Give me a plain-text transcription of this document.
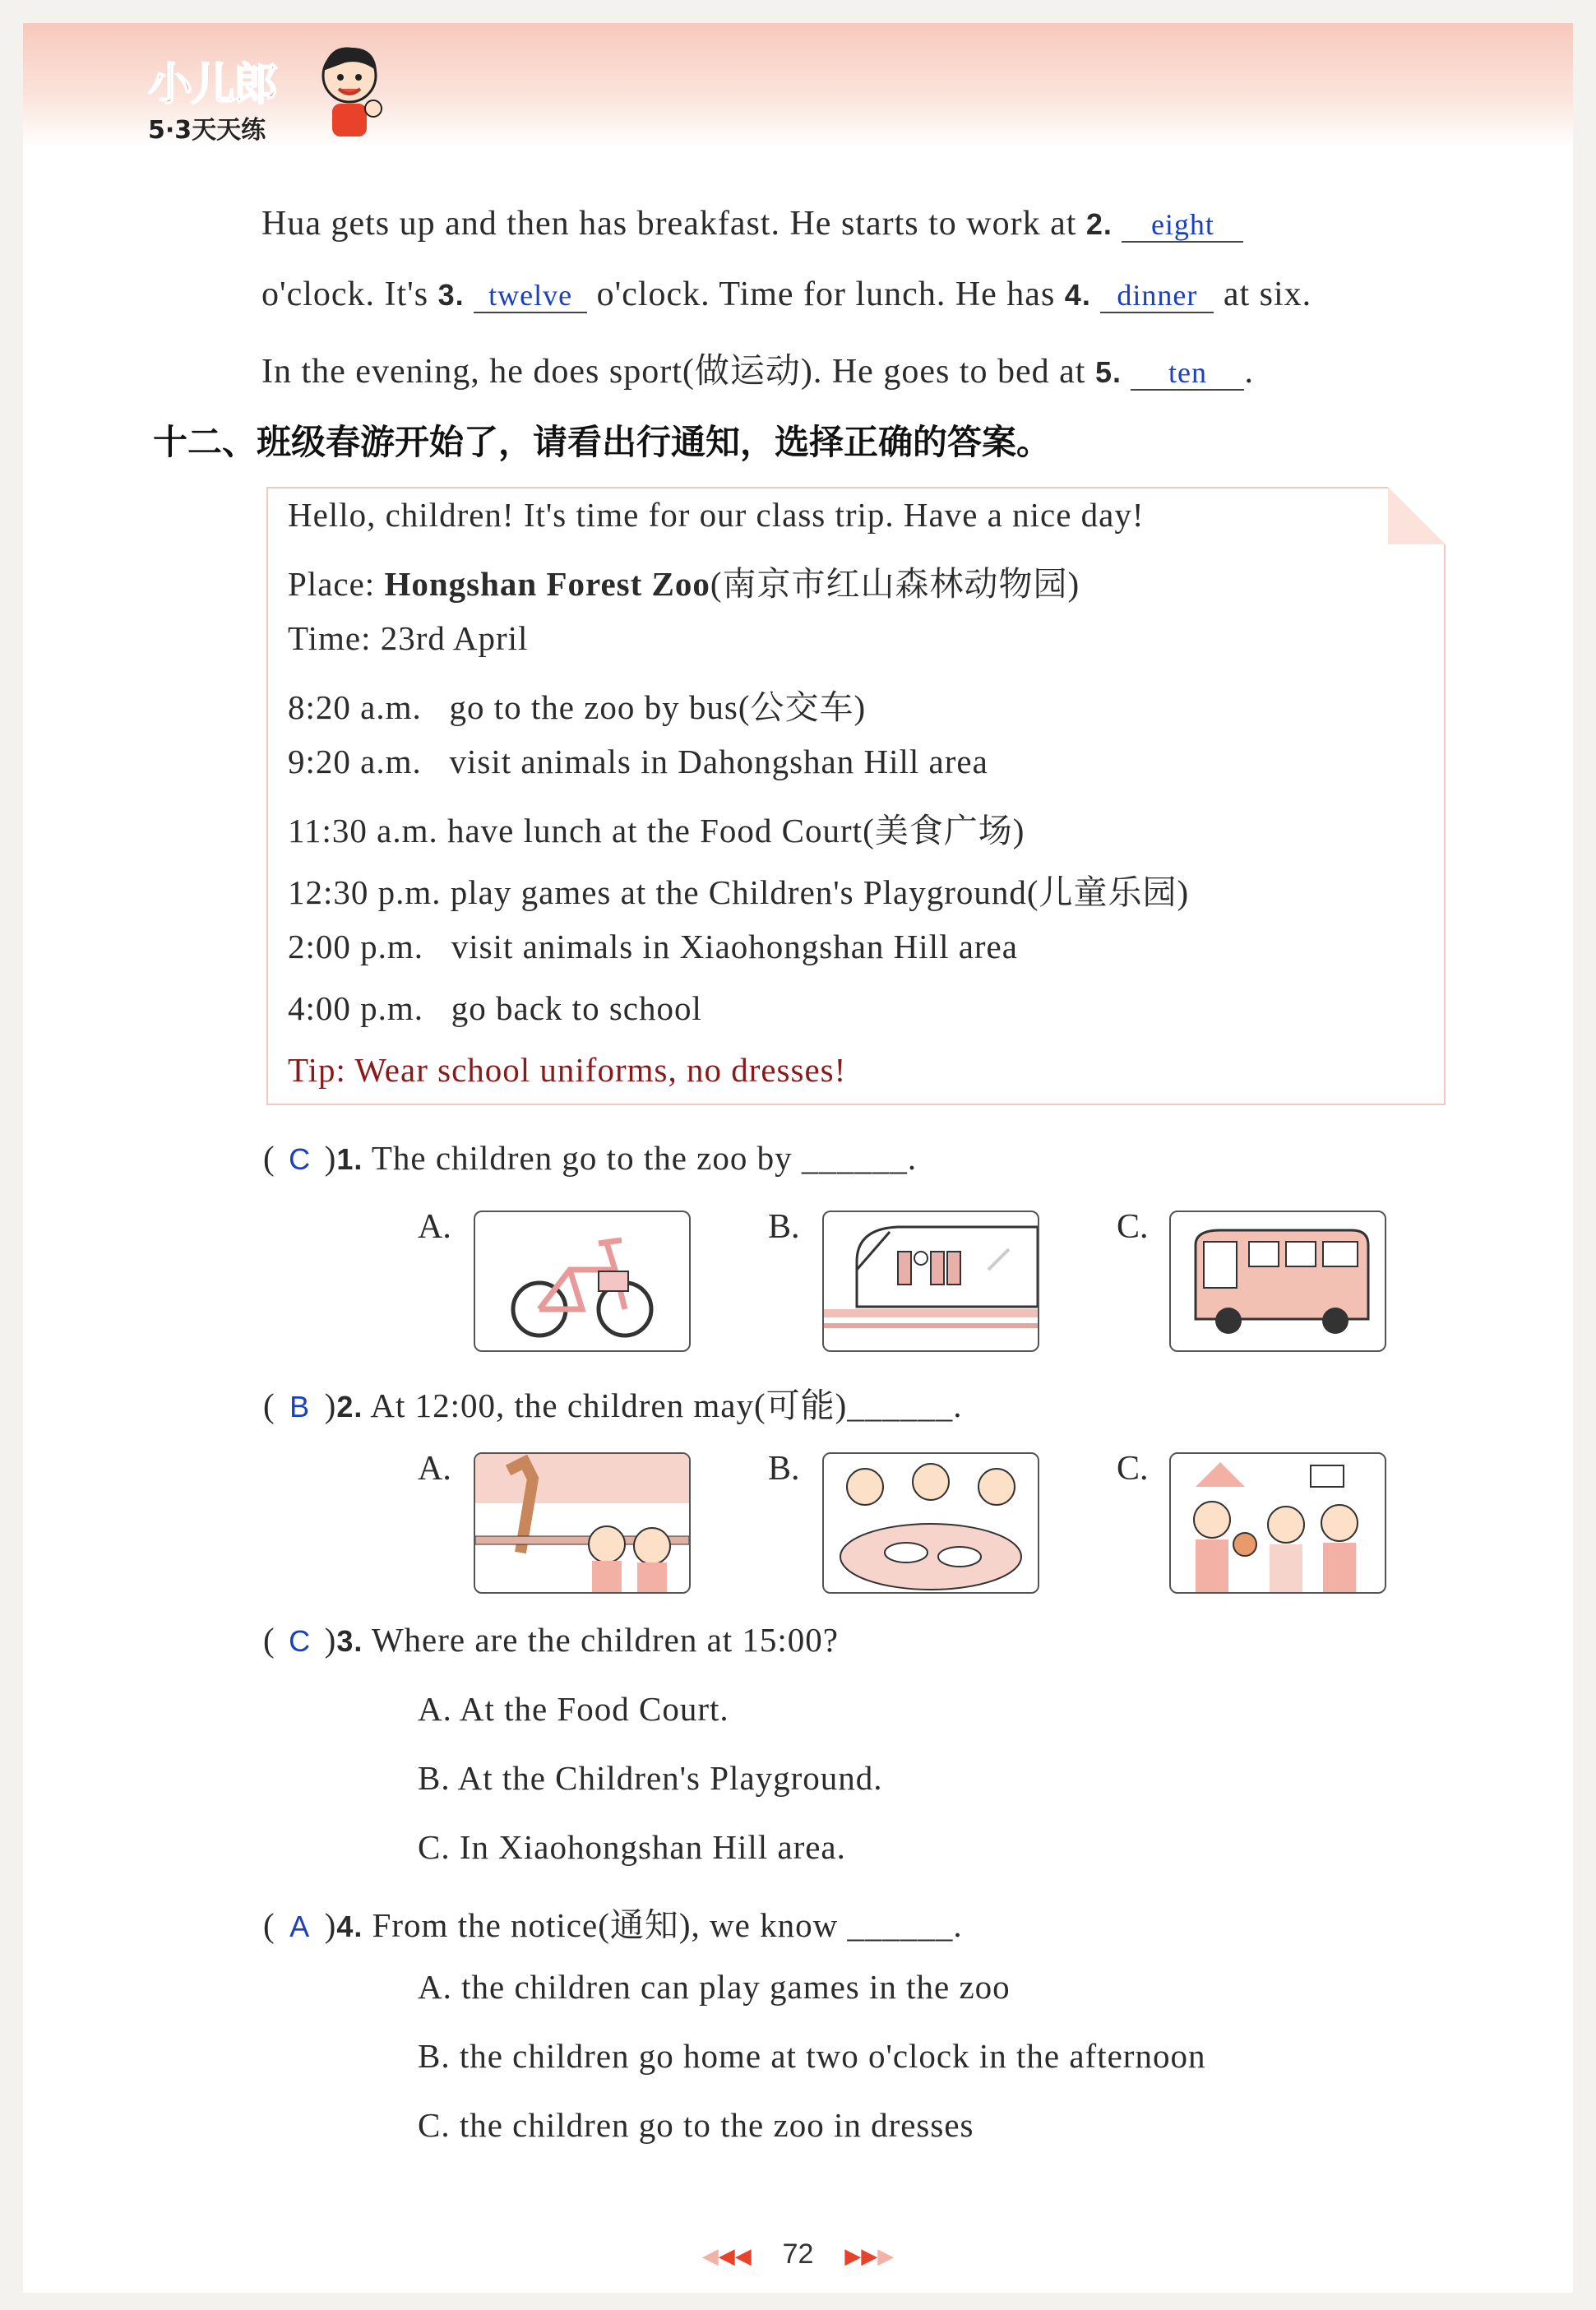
小儿郎
5·3天天练
Hua gets up and then has breakfast. He starts to work at 2. eight
o'clock. It's 3. twelve o'clock. Time for lunch. He has 4. dinner at six.
In the evening, he does sport(做运动). He goes to bed at 5. ten .
十二、班级春游开始了，请看出行通知，选择正确的答案。
Hello, children! It's time for our class trip. Have a nice day!
Place: Hongshan Forest Zoo(南京市红山森林动物园)
Time: 23rd April
8:20 a.m.   go to the zoo by bus(公交车)
9:20 a.m.   visit animals in Dahongshan Hill area
11:30 a.m. have lunch at the Food Court(美食广场)
12:30 p.m. play games at the Children's Playground(儿童乐园)
2:00 p.m.   visit animals in Xiaohongshan Hill area
4:00 p.m.   go back to school
Tip: Wear school uniforms, no dresses!
( C )1. The children go to the zoo by ______.
A.	B.	C.
( B )2. At 12:00, the children may(可能)______.
A.	B.	C.
( C )3. Where are the children at 15:00?
A. At the Food Court.
B. At the Children's Playground.
C. In Xiaohongshan Hill area.
( A )4. From the notice(通知), we know ______.
A. the children can play games in the zoo
B. the children go home at two o'clock in the afternoon
C. the children go to the zoo in dresses
◀◀◀ 72 ▶▶▶
